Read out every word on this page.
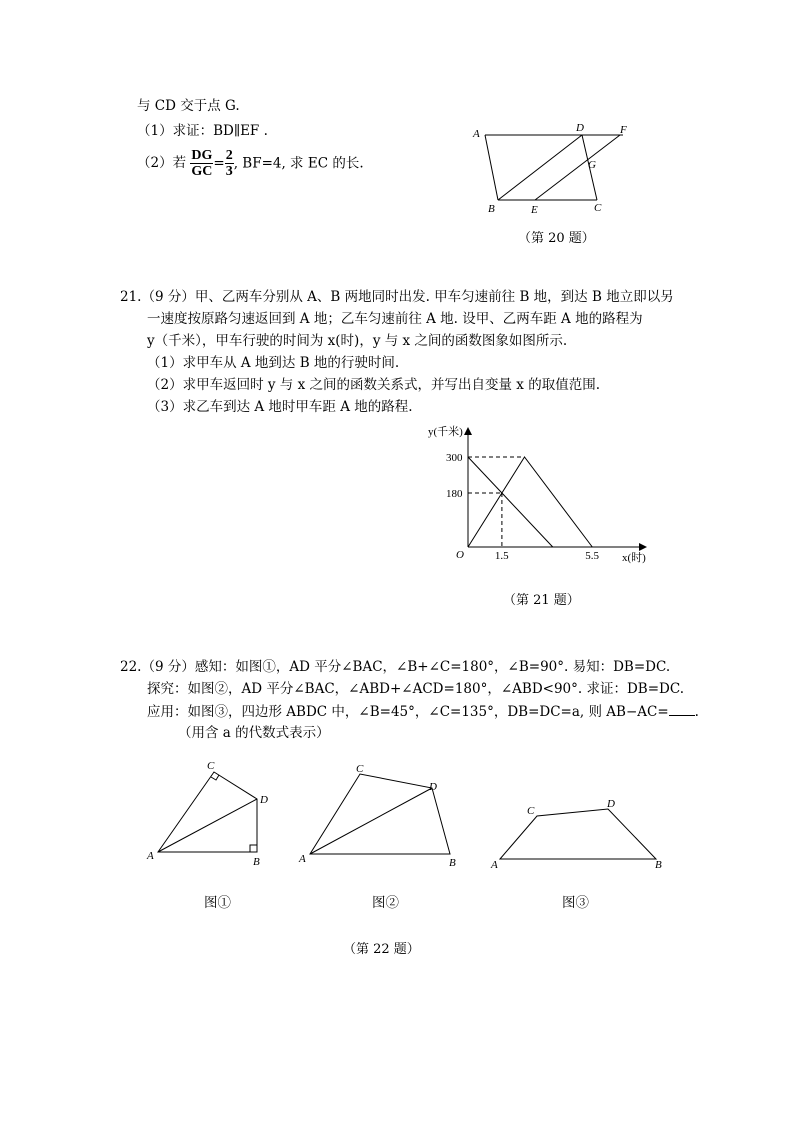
与 CD 交于点 G.
（1）求证：BD∥EF .
（2）若 $\frac{DG}{GC} = \frac{2}{3}$ , BF=4, 求 EC 的长.
A	D	F
G
B	E	C
（第 20 题）
21.（9 分）甲、乙两车分别从 A、B 两地同时出发. 甲车匀速前往 B 地，到达 B 地立即以另
一速度按原路匀速返回到 A 地；乙车匀速前往 A 地. 设甲、乙两车距 A 地的路程为
y（千米），甲车行驶的时间为 x(时)，y 与 x 之间的函数图象如图所示.
（1）求甲车从 A 地到达 B 地的行驶时间.
（2）求甲车返回时 y 与 x 之间的函数关系式，并写出自变量 x 的取值范围.
（3）求乙车到达 A 地时甲车距 A 地的路程.
1.5	5.5
300
180
y(千米)
x(时)
O
（第 21 题）
22.（9 分）感知：如图①，AD 平分∠BAC，∠B+∠C=180°，∠B=90°. 易知：DB=DC.
探究：如图②，AD 平分∠BAC，∠ABD+∠ACD=180°，∠ABD<90°. 求证：DB=DC.
应用：如图③，四边形 ABDC 中，∠B=45°，∠C=135°，DB=DC=a, 则 AB−AC= .
（用含 a 的代数式表示）
A
C
D
B
图①
A
C
D
B
图②
A
C
D
B
图③
（第 22 题）
